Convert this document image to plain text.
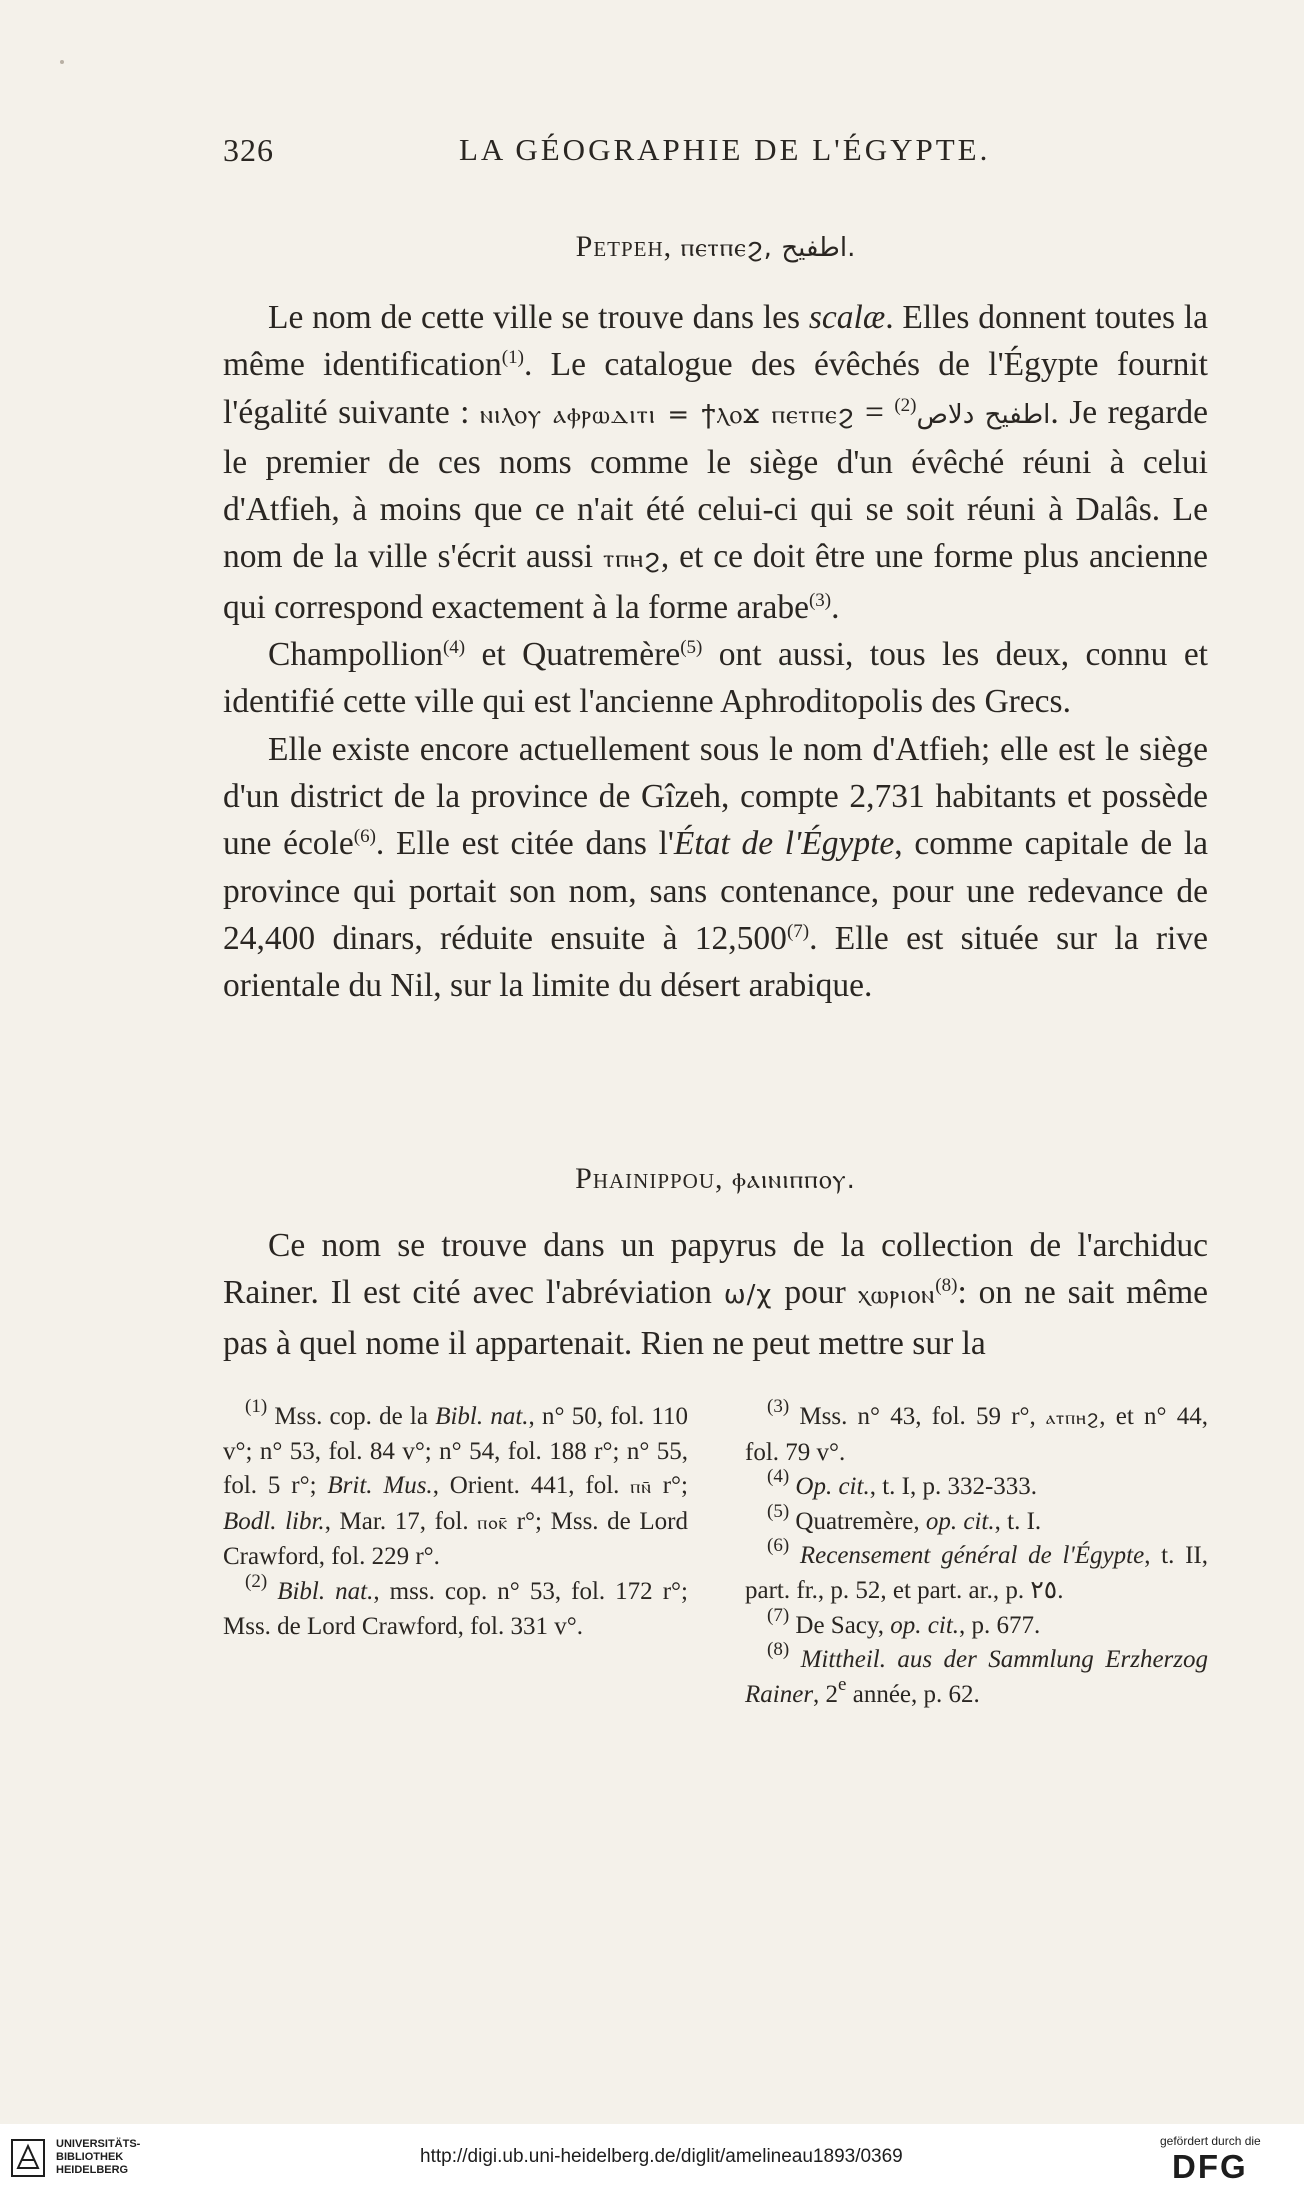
326	LA GÉOGRAPHIE DE L'ÉGYPTE.
Petpeh, ⲡⲉⲧⲡⲉϩ, اطفيح.

Le nom de cette ville se trouve dans les scalæ. Elles donnent toutes la même identification$^{(1)}$. Le catalogue des évêchés de l'Égypte fournit l'égalité suivante : ⲛⲓⲗⲟⲩ ⲁⲫⲣⲱⲇⲓⲧⲓ = ϯⲗⲟϫ ⲡⲉⲧⲡⲉϩ = اطفيح دلاص$^{(2)}$	. Je regarde le premier de ces noms comme le siège d'un évêché réuni à celui d'Atfieh, à moins que ce n'ait été celui-ci qui se soit réuni à Dalâs. Le nom de la ville s'écrit aussi ⲧⲡⲏϩ, et ce doit être une forme plus ancienne qui correspond exactement à la forme arabe$^{(3)}$.

Champollion$^{(4)}$ et Quatremère$^{(5)}$ ont aussi, tous les deux, connu et identifié cette ville qui est l'ancienne Aphroditopolis des Grecs.

Elle existe encore actuellement sous le nom d'Atfieh; elle est le siège d'un district de la province de Gîzeh, compte 2,731 habitants et possède une école$^{(6)}$. Elle est citée dans l'État de l'Égypte, comme capitale de la province qui portait son nom, sans contenance, pour une redevance de 24,400 dinars, réduite ensuite à 12,500$^{(7)}$. Elle est située sur la rive orientale du Nil, sur la limite du désert arabique.

Phainippou, ⲫⲁⲓⲛⲓⲡⲡⲟⲩ.

Ce nom se trouve dans un papyrus de la collection de l'archiduc Rainer. Il est cité avec l'abréviation ω/χ pour ⲭⲱⲣⲓⲟⲛ$^{(8)}$: on ne sait même pas à quel nome il appartenait. Rien ne peut mettre sur la

$^{(1)}$ Mss. cop. de la Bibl. nat., n° 50, fol. 110 v°; n° 53, fol. 84 v°; n° 54, fol. 188 r°; n° 55, fol. 5 r°; Brit. Mus., Orient. 441, fol. ⲡⲛ̄ r°; Bodl. libr., Mar. 17, fol. ⲡⲟⲕ̄ r°; Mss. de Lord Crawford, fol. 229 r°.

$^{(2)}$ Bibl. nat., mss. cop. n° 53, fol. 172 r°; Mss. de Lord Crawford, fol. 331 v°.

$^{(3)}$ Mss. n° 43, fol. 59 r°, ⲁⲧⲡⲏϩ, et n° 44, fol. 79 v°.

$^{(4)}$ Op. cit., t. I, p. 332-333.

$^{(5)}$ Quatremère, op. cit., t. I.

$^{(6)}$ Recensement général de l'Égypte, t. II, part. fr., p. 52, et part. ar., p. ٢٥.

$^{(7)}$ De Sacy, op. cit., p. 677.

$^{(8)}$ Mittheil. aus der Sammlung Erzherzog Rainer, 2e année, p. 62.

UNIVERSITÄTS-
BIBLIOTHEK
HEIDELBERG
http://digi.ub.uni-heidelberg.de/diglit/amelineau1893/0369
gefördert durch die
DFG
